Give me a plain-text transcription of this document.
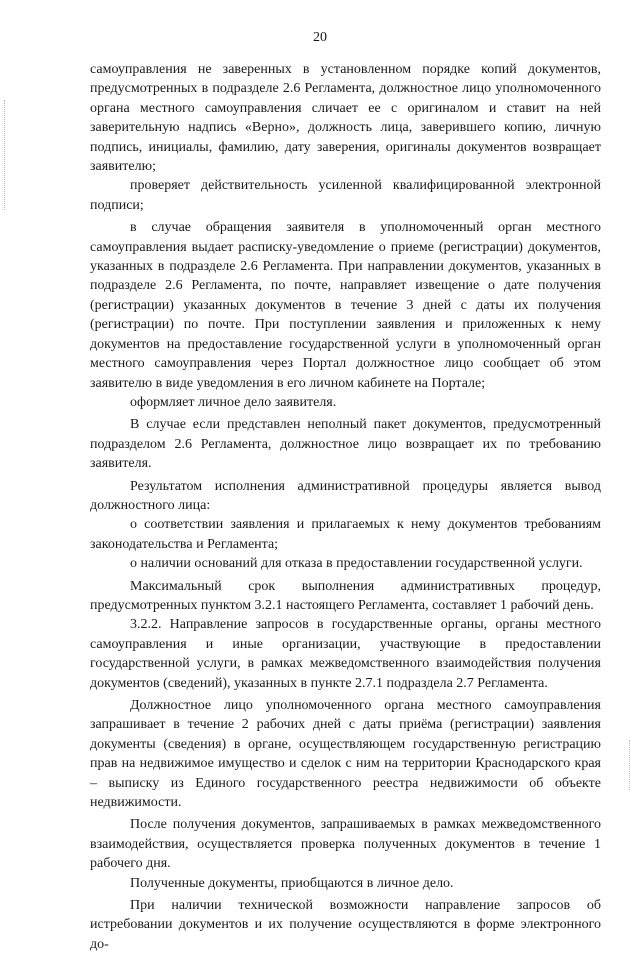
20

самоуправления не заверенных в установленном порядке копий документов, предусмотренных в подразделе 2.6 Регламента, должностное лицо уполномоченного органа местного самоуправления сличает ее с оригиналом и ставит на ней заверительную надпись «Верно», должность лица, заверившего копию, личную подпись, инициалы, фамилию, дату заверения, оригиналы документов возвращает заявителю;

проверяет действительность усиленной квалифицированной электронной подписи;

в случае обращения заявителя в уполномоченный орган местного самоуправления выдает расписку-уведомление о приеме (регистрации) документов, указанных в подразделе 2.6 Регламента. При направлении документов, указанных в подразделе 2.6 Регламента, по почте, направляет извещение о дате получения (регистрации) указанных документов в течение 3 дней с даты их получения (регистрации) по почте. При поступлении заявления и приложенных к нему документов на предоставление государственной услуги в уполномоченный орган местного самоуправления через Портал должностное лицо сообщает об этом заявителю в виде уведомления в его личном кабинете на Портале;

оформляет личное дело заявителя.

В случае если представлен неполный пакет документов, предусмотренный подразделом 2.6 Регламента, должностное лицо возвращает их по требованию заявителя.

Результатом исполнения административной процедуры является вывод должностного лица:

о соответствии заявления и прилагаемых к нему документов требованиям законодательства и Регламента;

о наличии оснований для отказа в предоставлении государственной услуги.

Максимальный срок выполнения административных процедур, предусмотренных пунктом 3.2.1 настоящего Регламента, составляет 1 рабочий день.

3.2.2. Направление запросов в государственные органы, органы местного самоуправления и иные организации, участвующие в предоставлении государственной услуги, в рамках межведомственного взаимодействия получения документов (сведений), указанных в пункте 2.7.1 подраздела 2.7 Регламента.

Должностное лицо уполномоченного органа местного самоуправления запрашивает в течение 2 рабочих дней с даты приёма (регистрации) заявления документы (сведения) в органе, осуществляющем государственную регистрацию прав на недвижимое имущество и сделок с ним на территории Краснодарского края – выписку из Единого государственного реестра недвижимости об объекте недвижимости.

После получения документов, запрашиваемых в рамках межведомственного взаимодействия, осуществляется проверка полученных документов в течение 1 рабочего дня.

Полученные документы, приобщаются в личное дело.

При наличии технической возможности направление запросов об истребовании документов и их получение осуществляются в форме электронного до-
